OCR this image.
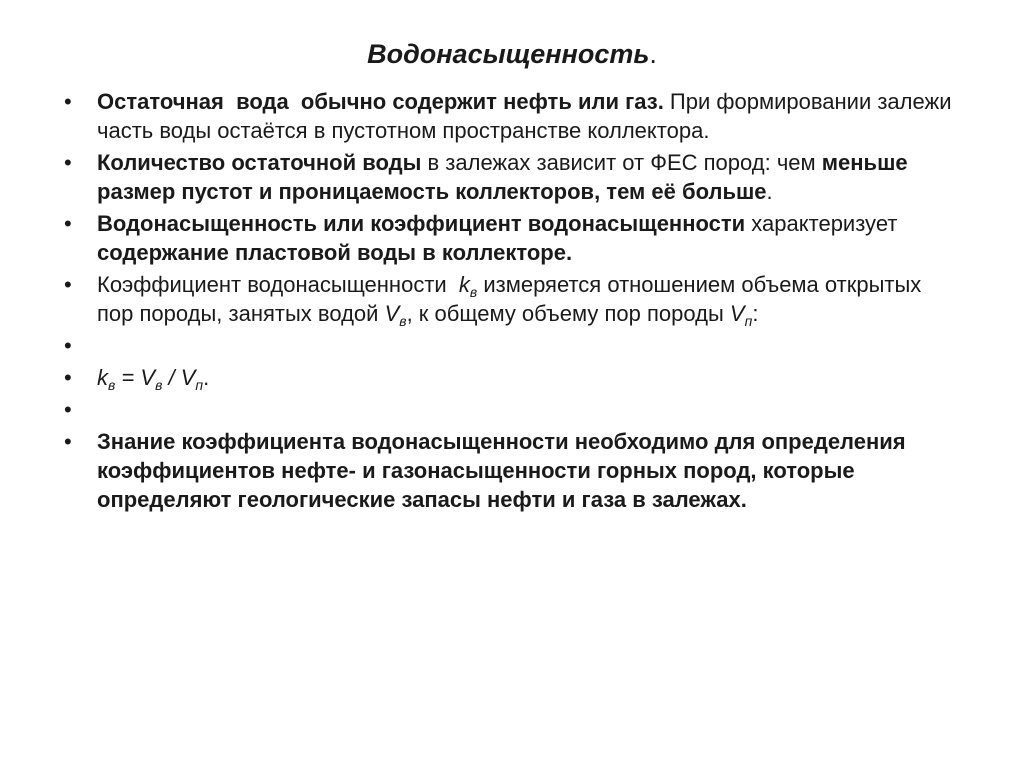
Водонасыщенность.
• Остаточная  вода  обычно содержит нефть или газ. При формировании залежи часть воды остаётся в пустотном пространстве коллектора.
• Количество остаточной воды в залежах зависит от ФЕС пород: чем меньше размер пустот и проницаемость коллекторов, тем её больше.
• Водонасыщенность или коэффициент водонасыщенности характеризует содержание пластовой воды в коллекторе.
• Коэффициент водонасыщенности  $k_в$ измеряется отношением объема открытых пор породы, занятых водой $V_в$, к общему объему пор породы $V_п$:
•
• $k_в = V_в / V_п$.
•
• Знание коэффициента водонасыщенности необходимо для определения коэффициентов нефте- и газонасыщенности горных пород, которые определяют геологические запасы нефти и газа в залежах.
